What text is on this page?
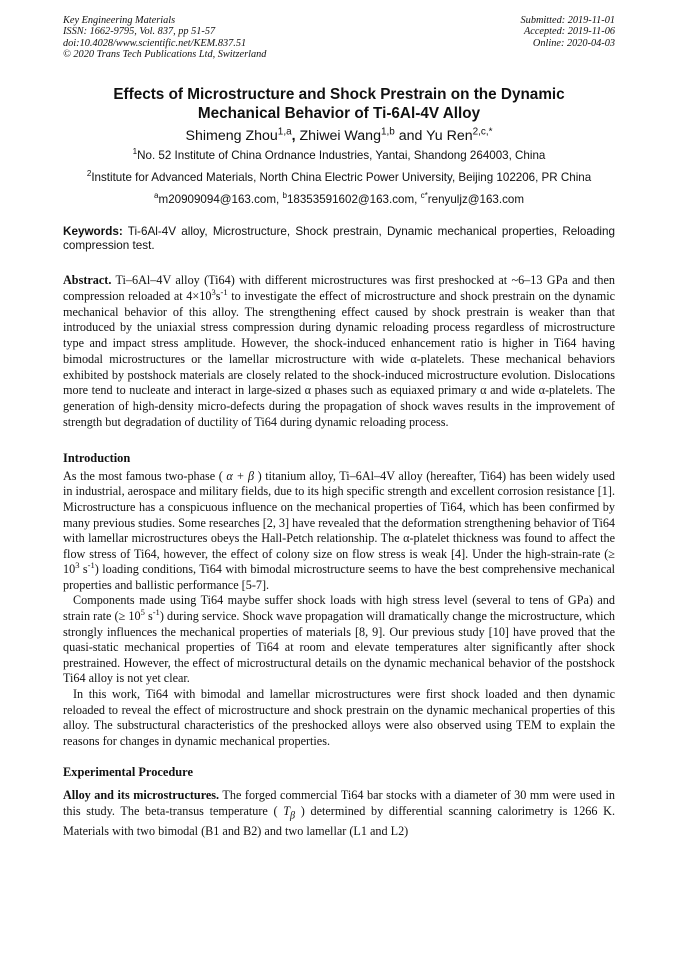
Key Engineering Materials
ISSN: 1662-9795, Vol. 837, pp 51-57
doi:10.4028/www.scientific.net/KEM.837.51
© 2020 Trans Tech Publications Ltd, Switzerland
Submitted: 2019-11-01
Accepted: 2019-11-06
Online: 2020-04-03
Effects of Microstructure and Shock Prestrain on the Dynamic
Mechanical Behavior of Ti-6Al-4V Alloy
Shimeng Zhou$^{1,a}$, Zhiwei Wang$^{1,b}$ and Yu Ren$^{2,c,*}$
$^1$No. 52 Institute of China Ordnance Industries, Yantai, Shandong 264003, China
$^2$Institute for Advanced Materials, North China Electric Power University, Beijing 102206, PR China
$^a$m20909094@163.com, $^b$18353591602@163.com, $^{c*}$renyuljz@163.com
Keywords: Ti-6Al-4V alloy, Microstructure, Shock prestrain, Dynamic mechanical properties, Reloading compression test.
Abstract. Ti–6Al–4V alloy (Ti64) with different microstructures was first preshocked at ~6–13 GPa and then compression reloaded at $4\times 10^3s^{-1}$ to investigate the effect of microstructure and shock prestrain on the dynamic mechanical behavior of this alloy. The strengthening effect caused by shock prestrain is weaker than that introduced by the uniaxial stress compression during dynamic reloading process regardless of microstructure type and impact stress amplitude. However, the shock-induced enhancement ratio is higher in Ti64 having bimodal microstructures or the lamellar microstructure with wide α-platelets. These mechanical behaviors exhibited by postshock materials are closely related to the shock-induced microstructure evolution. Dislocations more tend to nucleate and interact in large-sized α phases such as equiaxed primary α and wide α-platelets. The generation of high-density micro-defects during the propagation of shock waves results in the improvement of strength but degradation of ductility of Ti64 during dynamic reloading process.
Introduction

As the most famous two-phase ( α + β ) titanium alloy, Ti–6Al–4V alloy (hereafter, Ti64) has been widely used in industrial, aerospace and military fields, due to its high specific strength and excellent corrosion resistance [1]. Microstructure has a conspicuous influence on the mechanical properties of Ti64, which has been confirmed by many previous studies. Some researches [2, 3] have revealed that the deformation strengthening behavior of Ti64 with lamellar microstructures obeys the Hall-Petch relationship. The α-platelet thickness was found to affect the flow stress of Ti64, however, the effect of colony size on flow stress is weak [4]. Under the high-strain-rate (≥ $10^3$ $s^{-1}$) loading conditions, Ti64 with bimodal microstructure seems to have the best comprehensive mechanical properties and ballistic performance [5-7].

Components made using Ti64 maybe suffer shock loads with high stress level (several to tens of GPa) and strain rate (≥ $10^5$ $s^{-1}$) during service. Shock wave propagation will dramatically change the microstructure, which strongly influences the mechanical properties of materials [8, 9]. Our previous study [10] have proved that the quasi-static mechanical properties of Ti64 at room and elevate temperatures alter significantly after shock prestrained. However, the effect of microstructural details on the dynamic mechanical behavior of the postshock Ti64 alloy is not yet clear.

In this work, Ti64 with bimodal and lamellar microstructures were first shock loaded and then dynamic reloaded to reveal the effect of microstructure and shock prestrain on the dynamic mechanical properties of this alloy. The substructural characteristics of the preshocked alloys were also observed using TEM to explain the reasons for changes in dynamic mechanical properties.

Experimental Procedure

Alloy and its microstructures. The forged commercial Ti64 bar stocks with a diameter of 30 mm were used in this study. The beta-transus temperature ( $T_\beta$ ) determined by differential scanning calorimetry is 1266 K. Materials with two bimodal (B1 and B2) and two lamellar (L1 and L2)
